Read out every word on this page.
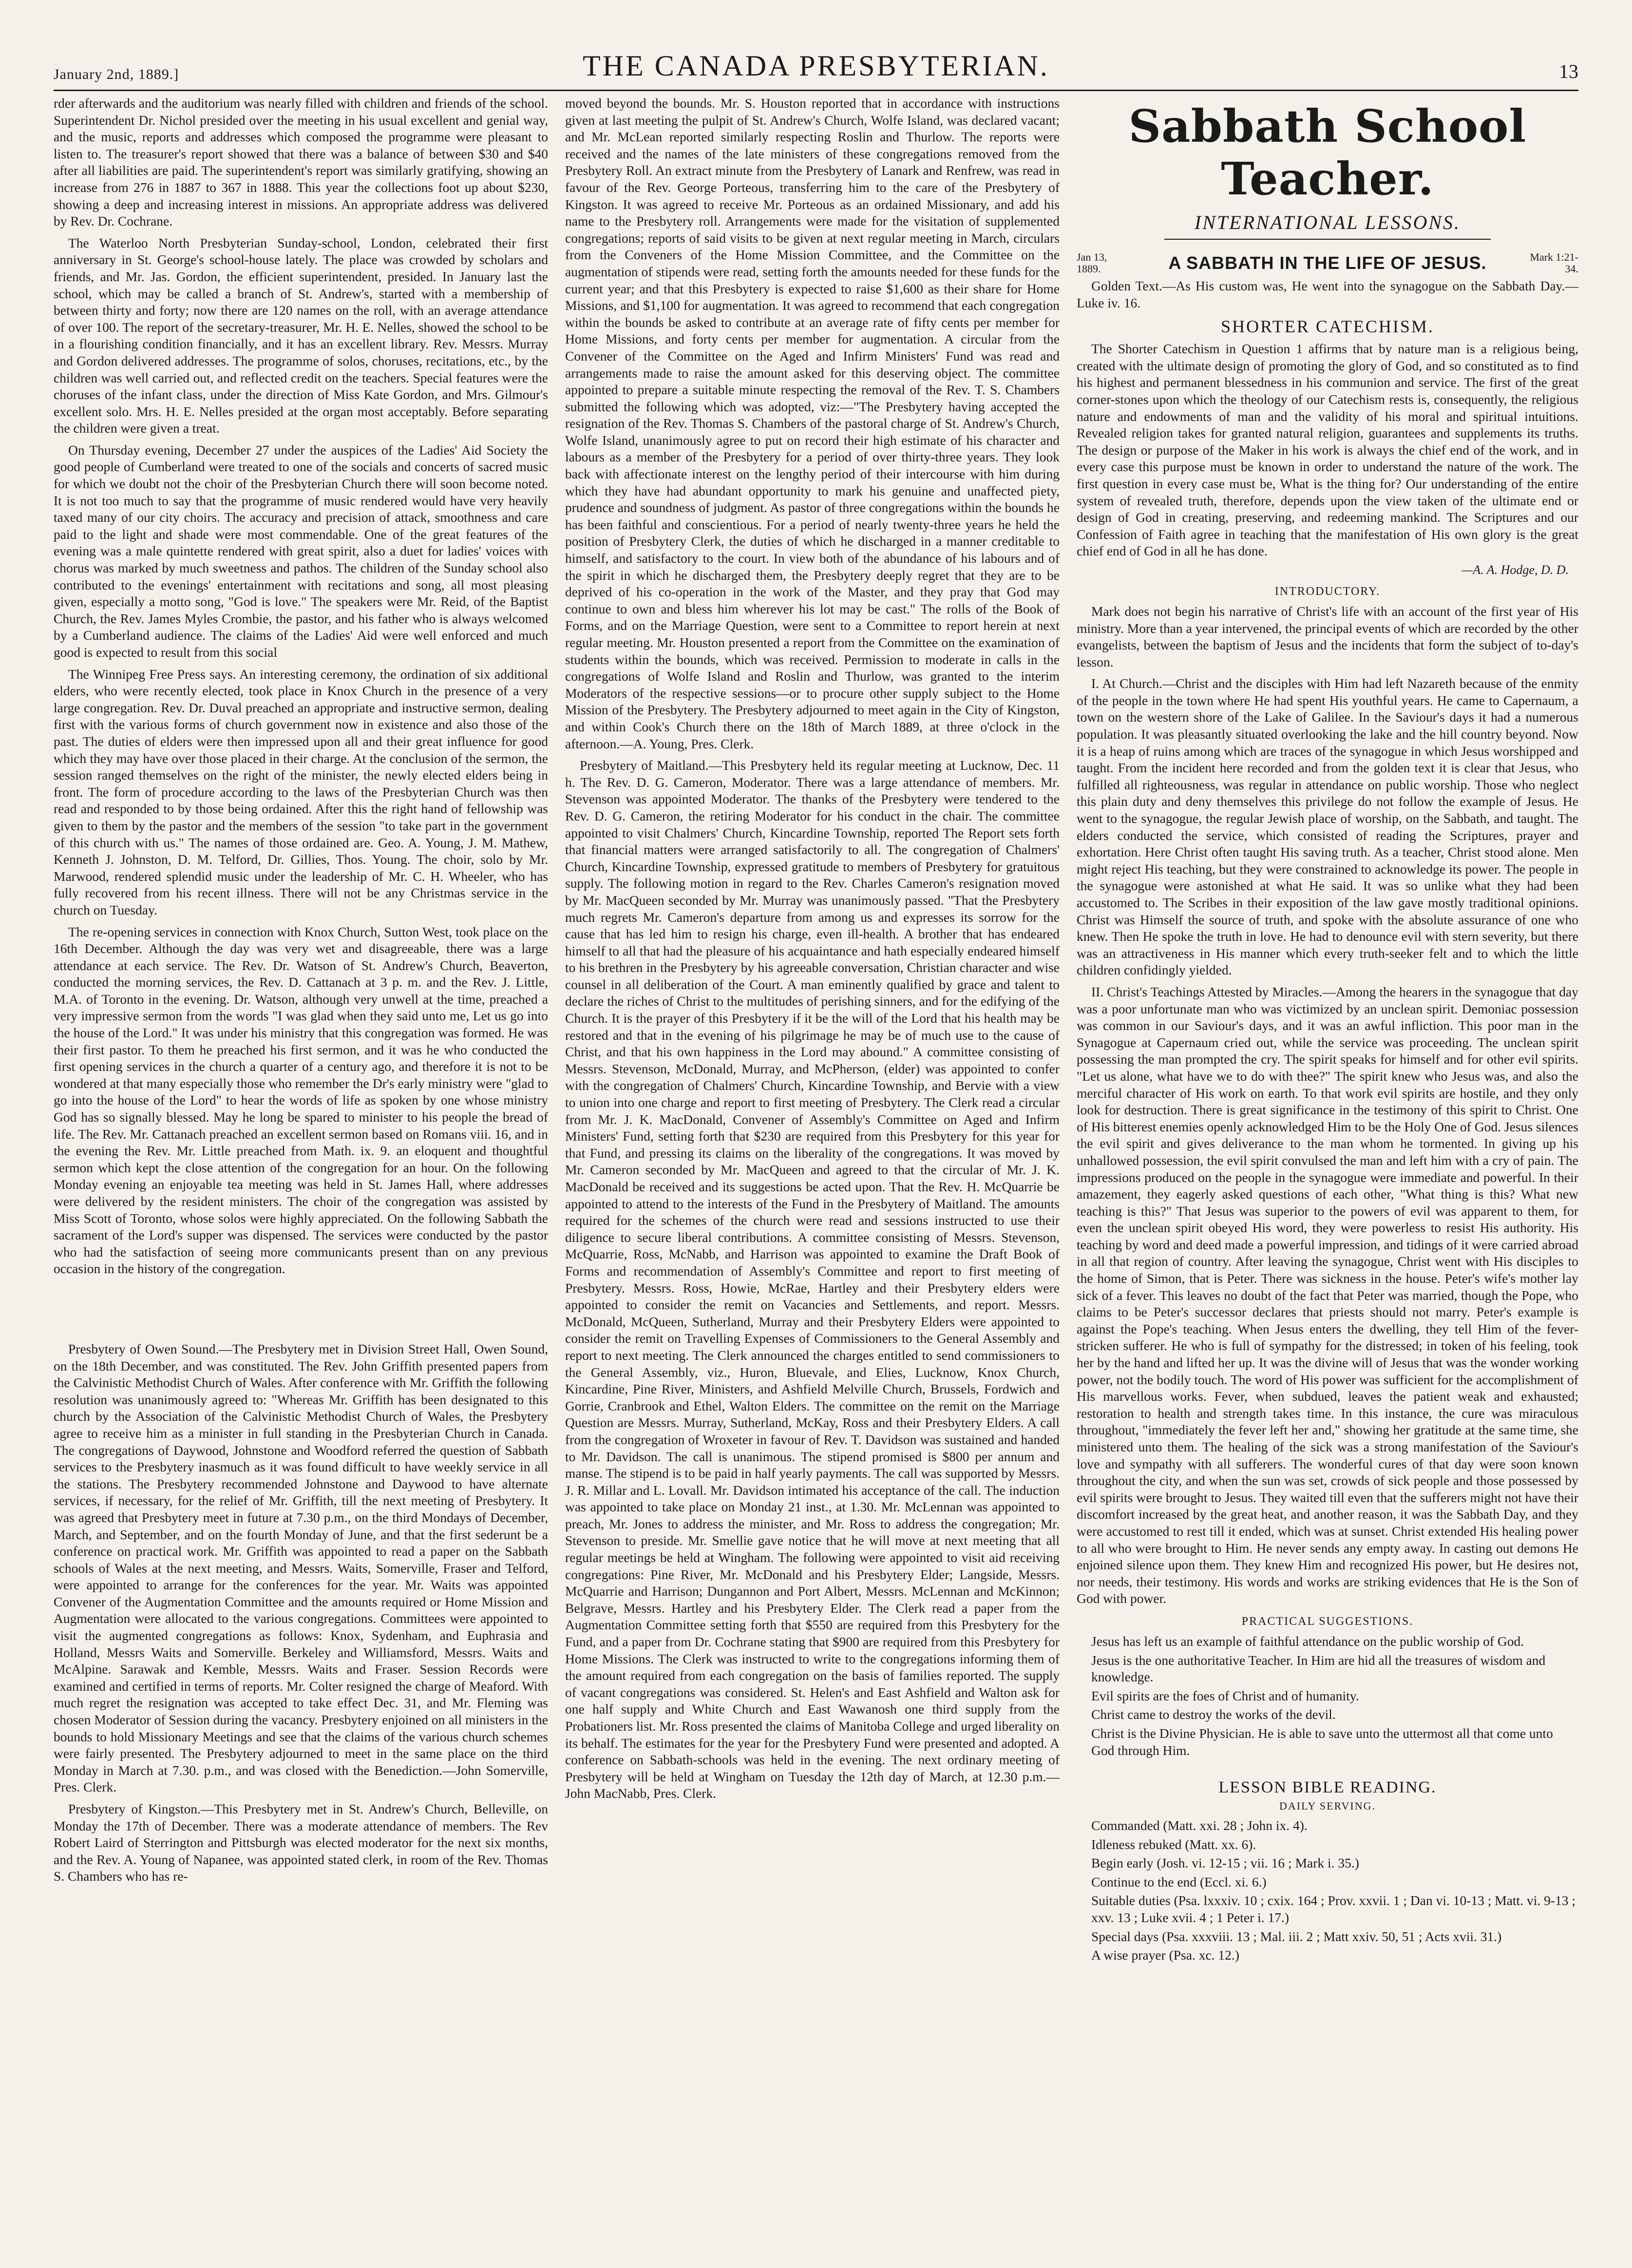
January 2nd, 1889.]	THE CANADA PRESBYTERIAN.	13

rder afterwards and the auditorium was nearly filled with children and friends of the school. Superintendent Dr. Nichol presided over the meeting in his usual excellent and genial way, and the music, reports and addresses which composed the programme were pleasant to listen to. The treasurer's report showed that there was a balance of between $30 and $40 after all liabilities are paid. The superintendent's report was similarly gratifying, showing an increase from 276 in 1887 to 367 in 1888. This year the collections foot up about $230, showing a deep and increasing interest in missions. An appropriate address was delivered by Rev. Dr. Cochrane.

The Waterloo North Presbyterian Sunday-school, London, celebrated their first anniversary in St. George's school-house lately. The place was crowded by scholars and friends, and Mr. Jas. Gordon, the efficient superintendent, presided. In January last the school, which may be called a branch of St. Andrew's, started with a membership of between thirty and forty; now there are 120 names on the roll, with an average attendance of over 100. The report of the secretary-treasurer, Mr. H. E. Nelles, showed the school to be in a flourishing condition financially, and it has an excellent library. Rev. Messrs. Murray and Gordon delivered addresses. The programme of solos, choruses, recitations, etc., by the children was well carried out, and reflected credit on the teachers. Special features were the choruses of the infant class, under the direction of Miss Kate Gordon, and Mrs. Gilmour's excellent solo. Mrs. H. E. Nelles presided at the organ most acceptably. Before separating the children were given a treat.

On Thursday evening, December 27 under the auspices of the Ladies' Aid Society the good people of Cumberland were treated to one of the socials and concerts of sacred music for which we doubt not the choir of the Presbyterian Church there will soon become noted. It is not too much to say that the programme of music rendered would have very heavily taxed many of our city choirs. The accuracy and precision of attack, smoothness and care paid to the light and shade were most commendable. One of the great features of the evening was a male quintette rendered with great spirit, also a duet for ladies' voices with chorus was marked by much sweetness and pathos. The children of the Sunday school also contributed to the evenings' entertainment with recitations and song, all most pleasing given, especially a motto song, "God is love." The speakers were Mr. Reid, of the Baptist Church, the Rev. James Myles Crombie, the pastor, and his father who is always welcomed by a Cumberland audience. The claims of the Ladies' Aid were well enforced and much good is expected to result from this social

The Winnipeg Free Press says. An interesting ceremony, the ordination of six additional elders, who were recently elected, took place in Knox Church in the presence of a very large congregation. Rev. Dr. Duval preached an appropriate and instructive sermon, dealing first with the various forms of church government now in existence and also those of the past. The duties of elders were then impressed upon all and their great influence for good which they may have over those placed in their charge. At the conclusion of the sermon, the session ranged themselves on the right of the minister, the newly elected elders being in front. The form of procedure according to the laws of the Presbyterian Church was then read and responded to by those being ordained. After this the right hand of fellowship was given to them by the pastor and the members of the session "to take part in the government of this church with us." The names of those ordained are. Geo. A. Young, J. M. Mathew, Kenneth J. Johnston, D. M. Telford, Dr. Gillies, Thos. Young. The choir, solo by Mr. Marwood, rendered splendid music under the leadership of Mr. C. H. Wheeler, who has fully recovered from his recent illness. There will not be any Christmas service in the church on Tuesday.

The re-opening services in connection with Knox Church, Sutton West, took place on the 16th December. Although the day was very wet and disagreeable, there was a large attendance at each service. The Rev. Dr. Watson of St. Andrew's Church, Beaverton, conducted the morning services, the Rev. D. Cattanach at 3 p. m. and the Rev. J. Little, M.A. of Toronto in the evening. Dr. Watson, although very unwell at the time, preached a very impressive sermon from the words "I was glad when they said unto me, Let us go into the house of the Lord." It was under his ministry that this congregation was formed. He was their first pastor. To them he preached his first sermon, and it was he who conducted the first opening services in the church a quarter of a century ago, and therefore it is not to be wondered at that many especially those who remember the Dr's early ministry were "glad to go into the house of the Lord" to hear the words of life as spoken by one whose ministry God has so signally blessed. May he long be spared to minister to his people the bread of life. The Rev. Mr. Cattanach preached an excellent sermon based on Romans viii. 16, and in the evening the Rev. Mr. Little preached from Math. ix. 9. an eloquent and thoughtful sermon which kept the close attention of the congregation for an hour. On the following Monday evening an enjoyable tea meeting was held in St. James Hall, where addresses were delivered by the resident ministers. The choir of the congregation was assisted by Miss Scott of Toronto, whose solos were highly appreciated. On the following Sabbath the sacrament of the Lord's supper was dispensed. The services were conducted by the pastor who had the satisfaction of seeing more communicants present than on any previous occasion in the history of the congregation.

Presbytery of Owen Sound.—The Presbytery met in Division Street Hall, Owen Sound, on the 18th December, and was constituted. The Rev. John Griffith presented papers from the Calvinistic Methodist Church of Wales. After conference with Mr. Griffith the following resolution was unanimously agreed to: "Whereas Mr. Griffith has been designated to this church by the Association of the Calvinistic Methodist Church of Wales, the Presbytery agree to receive him as a minister in full standing in the Presbyterian Church in Canada. The congregations of Daywood, Johnstone and Woodford referred the question of Sabbath services to the Presbytery inasmuch as it was found difficult to have weekly service in all the stations. The Presbytery recommended Johnstone and Daywood to have alternate services, if necessary, for the relief of Mr. Griffith, till the next meeting of Presbytery. It was agreed that Presbytery meet in future at 7.30 p.m., on the third Mondays of December, March, and September, and on the fourth Monday of June, and that the first sederunt be a conference on practical work. Mr. Griffith was appointed to read a paper on the Sabbath schools of Wales at the next meeting, and Messrs. Waits, Somerville, Fraser and Telford, were appointed to arrange for the conferences for the year. Mr. Waits was appointed Convener of the Augmentation Committee and the amounts required or Home Mission and Augmentation were allocated to the various congregations. Committees were appointed to visit the augmented congregations as follows: Knox, Sydenham, and Euphrasia and Holland, Messrs Waits and Somerville. Berkeley and Williamsford, Messrs. Waits and McAlpine. Sarawak and Kemble, Messrs. Waits and Fraser. Session Records were examined and certified in terms of reports. Mr. Colter resigned the charge of Meaford. With much regret the resignation was accepted to take effect Dec. 31, and Mr. Fleming was chosen Moderator of Session during the vacancy. Presbytery enjoined on all ministers in the bounds to hold Missionary Meetings and see that the claims of the various church schemes were fairly presented. The Presbytery adjourned to meet in the same place on the third Monday in March at 7.30. p.m., and was closed with the Benediction.—John Somerville, Pres. Clerk.

Presbytery of Kingston.—This Presbytery met in St. Andrew's Church, Belleville, on Monday the 17th of December. There was a moderate attendance of members. The Rev Robert Laird of Sterrington and Pittsburgh was elected moderator for the next six months, and the Rev. A. Young of Napanee, was appointed stated clerk, in room of the Rev. Thomas S. Chambers who has re-

moved beyond the bounds. Mr. S. Houston reported that in accordance with instructions given at last meeting the pulpit of St. Andrew's Church, Wolfe Island, was declared vacant; and Mr. McLean reported similarly respecting Roslin and Thurlow. The reports were received and the names of the late ministers of these congregations removed from the Presbytery Roll. An extract minute from the Presbytery of Lanark and Renfrew, was read in favour of the Rev. George Porteous, transferring him to the care of the Presbytery of Kingston. It was agreed to receive Mr. Porteous as an ordained Missionary, and add his name to the Presbytery roll. Arrangements were made for the visitation of supplemented congregations; reports of said visits to be given at next regular meeting in March, circulars from the Conveners of the Home Mission Committee, and the Committee on the augmentation of stipends were read, setting forth the amounts needed for these funds for the current year; and that this Presbytery is expected to raise $1,600 as their share for Home Missions, and $1,100 for augmentation. It was agreed to recommend that each congregation within the bounds be asked to contribute at an average rate of fifty cents per member for Home Missions, and forty cents per member for augmentation. A circular from the Convener of the Committee on the Aged and Infirm Ministers' Fund was read and arrangements made to raise the amount asked for this deserving object. The committee appointed to prepare a suitable minute respecting the removal of the Rev. T. S. Chambers submitted the following which was adopted, viz:—"The Presbytery having accepted the resignation of the Rev. Thomas S. Chambers of the pastoral charge of St. Andrew's Church, Wolfe Island, unanimously agree to put on record their high estimate of his character and labours as a member of the Presbytery for a period of over thirty-three years. They look back with affectionate interest on the lengthy period of their intercourse with him during which they have had abundant opportunity to mark his genuine and unaffected piety, prudence and soundness of judgment. As pastor of three congregations within the bounds he has been faithful and conscientious. For a period of nearly twenty-three years he held the position of Presbytery Clerk, the duties of which he discharged in a manner creditable to himself, and satisfactory to the court. In view both of the abundance of his labours and of the spirit in which he discharged them, the Presbytery deeply regret that they are to be deprived of his co-operation in the work of the Master, and they pray that God may continue to own and bless him wherever his lot may be cast." The rolls of the Book of Forms, and on the Marriage Question, were sent to a Committee to report herein at next regular meeting. Mr. Houston presented a report from the Committee on the examination of students within the bounds, which was received. Permission to moderate in calls in the congregations of Wolfe Island and Roslin and Thurlow, was granted to the interim Moderators of the respective sessions—or to procure other supply subject to the Home Mission of the Presbytery. The Presbytery adjourned to meet again in the City of Kingston, and within Cook's Church there on the 18th of March 1889, at three o'clock in the afternoon.—A. Young, Pres. Clerk.

Presbytery of Maitland.—This Presbytery held its regular meeting at Lucknow, Dec. 11 h. The Rev. D. G. Cameron, Moderator. There was a large attendance of members. Mr. Stevenson was appointed Moderator. The thanks of the Presbytery were tendered to the Rev. D. G. Cameron, the retiring Moderator for his conduct in the chair. The committee appointed to visit Chalmers' Church, Kincardine Township, reported The Report sets forth that financial matters were arranged satisfactorily to all. The congregation of Chalmers' Church, Kincardine Township, expressed gratitude to members of Presbytery for gratuitous supply. The following motion in regard to the Rev. Charles Cameron's resignation moved by Mr. MacQueen seconded by Mr. Murray was unanimously passed. "That the Presbytery much regrets Mr. Cameron's departure from among us and expresses its sorrow for the cause that has led him to resign his charge, even ill-health. A brother that has endeared himself to all that had the pleasure of his acquaintance and hath especially endeared himself to his brethren in the Presbytery by his agreeable conversation, Christian character and wise counsel in all deliberation of the Court. A man eminently qualified by grace and talent to declare the riches of Christ to the multitudes of perishing sinners, and for the edifying of the Church. It is the prayer of this Presbytery if it be the will of the Lord that his health may be restored and that in the evening of his pilgrimage he may be of much use to the cause of Christ, and that his own happiness in the Lord may abound." A committee consisting of Messrs. Stevenson, McDonald, Murray, and McPherson, (elder) was appointed to confer with the congregation of Chalmers' Church, Kincardine Township, and Bervie with a view to union into one charge and report to first meeting of Presbytery. The Clerk read a circular from Mr. J. K. MacDonald, Convener of Assembly's Committee on Aged and Infirm Ministers' Fund, setting forth that $230 are required from this Presbytery for this year for that Fund, and pressing its claims on the liberality of the congregations. It was moved by Mr. Cameron seconded by Mr. MacQueen and agreed to that the circular of Mr. J. K. MacDonald be received and its suggestions be acted upon. That the Rev. H. McQuarrie be appointed to attend to the interests of the Fund in the Presbytery of Maitland. The amounts required for the schemes of the church were read and sessions instructed to use their diligence to secure liberal contributions. A committee consisting of Messrs. Stevenson, McQuarrie, Ross, McNabb, and Harrison was appointed to examine the Draft Book of Forms and recommendation of Assembly's Committee and report to first meeting of Presbytery. Messrs. Ross, Howie, McRae, Hartley and their Presbytery elders were appointed to consider the remit on Vacancies and Settlements, and report. Messrs. McDonald, McQueen, Sutherland, Murray and their Presbytery Elders were appointed to consider the remit on Travelling Expenses of Commissioners to the General Assembly and report to next meeting. The Clerk announced the charges entitled to send commissioners to the General Assembly, viz., Huron, Bluevale, and Elies, Lucknow, Knox Church, Kincardine, Pine River, Ministers, and Ashfield Melville Church, Brussels, Fordwich and Gorrie, Cranbrook and Ethel, Walton Elders. The committee on the remit on the Marriage Question are Messrs. Murray, Sutherland, McKay, Ross and their Presbytery Elders. A call from the congregation of Wroxeter in favour of Rev. T. Davidson was sustained and handed to Mr. Davidson. The call is unanimous. The stipend promised is $800 per annum and manse. The stipend is to be paid in half yearly payments. The call was supported by Messrs. J. R. Millar and L. Lovall. Mr. Davidson intimated his acceptance of the call. The induction was appointed to take place on Monday 21 inst., at 1.30. Mr. McLennan was appointed to preach, Mr. Jones to address the minister, and Mr. Ross to address the congregation; Mr. Stevenson to preside. Mr. Smellie gave notice that he will move at next meeting that all regular meetings be held at Wingham. The following were appointed to visit aid receiving congregations: Pine River, Mr. McDonald and his Presbytery Elder; Langside, Messrs. McQuarrie and Harrison; Dungannon and Port Albert, Messrs. McLennan and McKinnon; Belgrave, Messrs. Hartley and his Presbytery Elder. The Clerk read a paper from the Augmentation Committee setting forth that $550 are required from this Presbytery for the Fund, and a paper from Dr. Cochrane stating that $900 are required from this Presbytery for Home Missions. The Clerk was instructed to write to the congregations informing them of the amount required from each congregation on the basis of families reported. The supply of vacant congregations was considered. St. Helen's and East Ashfield and Walton ask for one half supply and White Church and East Wawanosh one third supply from the Probationers list. Mr. Ross presented the claims of Manitoba College and urged liberality on its behalf. The estimates for the year for the Presbytery Fund were presented and adopted. A conference on Sabbath-schools was held in the evening. The next ordinary meeting of Presbytery will be held at Wingham on Tuesday the 12th day of March, at 12.30 p.m.—John MacNabb, Pres. Clerk.

Sabbath School Teacher.
INTERNATIONAL LESSONS.
Jan 13, 1889.	A SABBATH IN THE LIFE OF JESUS.	Mark 1:21-34.

Golden Text.—As His custom was, He went into the synagogue on the Sabbath Day.—Luke iv. 16.

SHORTER CATECHISM.

The Shorter Catechism in Question 1 affirms that by nature man is a religious being, created with the ultimate design of promoting the glory of God, and so constituted as to find his highest and permanent blessedness in his communion and service. The first of the great corner-stones upon which the theology of our Catechism rests is, consequently, the religious nature and endowments of man and the validity of his moral and spiritual intuitions. Revealed religion takes for granted natural religion, guarantees and supplements its truths. The design or purpose of the Maker in his work is always the chief end of the work, and in every case this purpose must be known in order to understand the nature of the work. The first question in every case must be, What is the thing for? Our understanding of the entire system of revealed truth, therefore, depends upon the view taken of the ultimate end or design of God in creating, preserving, and redeeming mankind. The Scriptures and our Confession of Faith agree in teaching that the manifestation of His own glory is the great chief end of God in all he has done.

—A. A. Hodge, D. D.
INTRODUCTORY.

Mark does not begin his narrative of Christ's life with an account of the first year of His ministry. More than a year intervened, the principal events of which are recorded by the other evangelists, between the baptism of Jesus and the incidents that form the subject of to-day's lesson.

I. At Church.—Christ and the disciples with Him had left Nazareth because of the enmity of the people in the town where He had spent His youthful years. He came to Capernaum, a town on the western shore of the Lake of Galilee. In the Saviour's days it had a numerous population. It was pleasantly situated overlooking the lake and the hill country beyond. Now it is a heap of ruins among which are traces of the synagogue in which Jesus worshipped and taught. From the incident here recorded and from the golden text it is clear that Jesus, who fulfilled all righteousness, was regular in attendance on public worship. Those who neglect this plain duty and deny themselves this privilege do not follow the example of Jesus. He went to the synagogue, the regular Jewish place of worship, on the Sabbath, and taught. The elders conducted the service, which consisted of reading the Scriptures, prayer and exhortation. Here Christ often taught His saving truth. As a teacher, Christ stood alone. Men might reject His teaching, but they were constrained to acknowledge its power. The people in the synagogue were astonished at what He said. It was so unlike what they had been accustomed to. The Scribes in their exposition of the law gave mostly traditional opinions. Christ was Himself the source of truth, and spoke with the absolute assurance of one who knew. Then He spoke the truth in love. He had to denounce evil with stern severity, but there was an attractiveness in His manner which every truth-seeker felt and to which the little children confidingly yielded.

II. Christ's Teachings Attested by Miracles.—Among the hearers in the synagogue that day was a poor unfortunate man who was victimized by an unclean spirit. Demoniac possession was common in our Saviour's days, and it was an awful infliction. This poor man in the Synagogue at Capernaum cried out, while the service was proceeding. The unclean spirit possessing the man prompted the cry. The spirit speaks for himself and for other evil spirits. "Let us alone, what have we to do with thee?" The spirit knew who Jesus was, and also the merciful character of His work on earth. To that work evil spirits are hostile, and they only look for destruction. There is great significance in the testimony of this spirit to Christ. One of His bitterest enemies openly acknowledged Him to be the Holy One of God. Jesus silences the evil spirit and gives deliverance to the man whom he tormented. In giving up his unhallowed possession, the evil spirit convulsed the man and left him with a cry of pain. The impressions produced on the people in the synagogue were immediate and powerful. In their amazement, they eagerly asked questions of each other, "What thing is this? What new teaching is this?" That Jesus was superior to the powers of evil was apparent to them, for even the unclean spirit obeyed His word, they were powerless to resist His authority. His teaching by word and deed made a powerful impression, and tidings of it were carried abroad in all that region of country. After leaving the synagogue, Christ went with His disciples to the home of Simon, that is Peter. There was sickness in the house. Peter's wife's mother lay sick of a fever. This leaves no doubt of the fact that Peter was married, though the Pope, who claims to be Peter's successor declares that priests should not marry. Peter's example is against the Pope's teaching. When Jesus enters the dwelling, they tell Him of the fever-stricken sufferer. He who is full of sympathy for the distressed; in token of his feeling, took her by the hand and lifted her up. It was the divine will of Jesus that was the wonder working power, not the bodily touch. The word of His power was sufficient for the accomplishment of His marvellous works. Fever, when subdued, leaves the patient weak and exhausted; restoration to health and strength takes time. In this instance, the cure was miraculous throughout, "immediately the fever left her and," showing her gratitude at the same time, she ministered unto them. The healing of the sick was a strong manifestation of the Saviour's love and sympathy with all sufferers. The wonderful cures of that day were soon known throughout the city, and when the sun was set, crowds of sick people and those possessed by evil spirits were brought to Jesus. They waited till even that the sufferers might not have their discomfort increased by the great heat, and another reason, it was the Sabbath Day, and they were accustomed to rest till it ended, which was at sunset. Christ extended His healing power to all who were brought to Him. He never sends any empty away. In casting out demons He enjoined silence upon them. They knew Him and recognized His power, but He desires not, nor needs, their testimony. His words and works are striking evidences that He is the Son of God with power.

PRACTICAL SUGGESTIONS.

Jesus has left us an example of faithful attendance on the public worship of God.

Jesus is the one authoritative Teacher. In Him are hid all the treasures of wisdom and knowledge.

Evil spirits are the foes of Christ and of humanity.

Christ came to destroy the works of the devil.

Christ is the Divine Physician. He is able to save unto the uttermost all that come unto God through Him.

LESSON BIBLE READING.
DAILY SERVING.

Commanded (Matt. xxi. 28 ; John ix. 4).

Idleness rebuked (Matt. xx. 6).

Begin early (Josh. vi. 12-15 ; vii. 16 ; Mark i. 35.)

Continue to the end (Eccl. xi. 6.)

Suitable duties (Psa. lxxxiv. 10 ; cxix. 164 ; Prov. xxvii. 1 ; Dan vi. 10-13 ; Matt. vi. 9-13 ; xxv. 13 ; Luke xvii. 4 ; 1 Peter i. 17.)

Special days (Psa. xxxviii. 13 ; Mal. iii. 2 ; Matt xxiv. 50, 51 ; Acts xvii. 31.)

A wise prayer (Psa. xc. 12.)
